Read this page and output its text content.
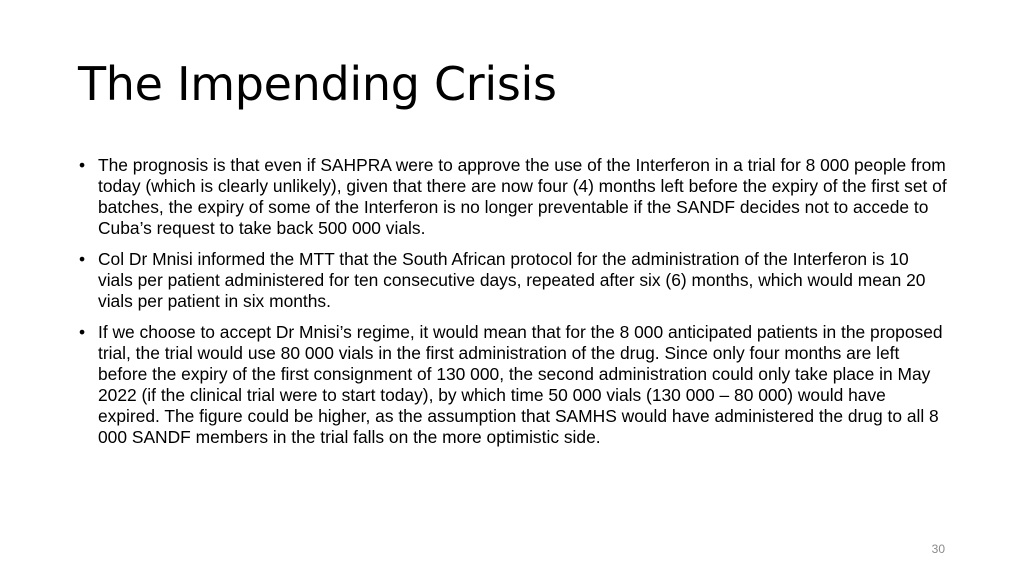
The Impending Crisis
• The prognosis is that even if SAHPRA were to approve the use of the Interferon in a trial for 8 000 people from today (which is clearly unlikely), given that there are now four (4) months left before the expiry of the first set of batches, the expiry of some of the Interferon is no longer preventable if the SANDF decides not to accede to Cuba’s request to take back 500 000 vials.
• Col Dr Mnisi informed the MTT that the South African protocol for the administration of the Interferon is 10 vials per patient administered for ten consecutive days, repeated after six (6) months, which would mean 20 vials per patient in six months.
• If we choose to accept Dr Mnisi’s regime, it would mean that for the 8 000 anticipated patients in the proposed trial, the trial would use 80 000 vials in the first administration of the drug. Since only four months are left before the expiry of the first consignment of 130 000, the second administration could only take place in May 2022 (if the clinical trial were to start today), by which time 50 000 vials (130 000 – 80 000) would have expired. The figure could be higher, as the assumption that SAMHS would have administered the drug to all 8 000 SANDF members in the trial falls on the more optimistic side.
30
